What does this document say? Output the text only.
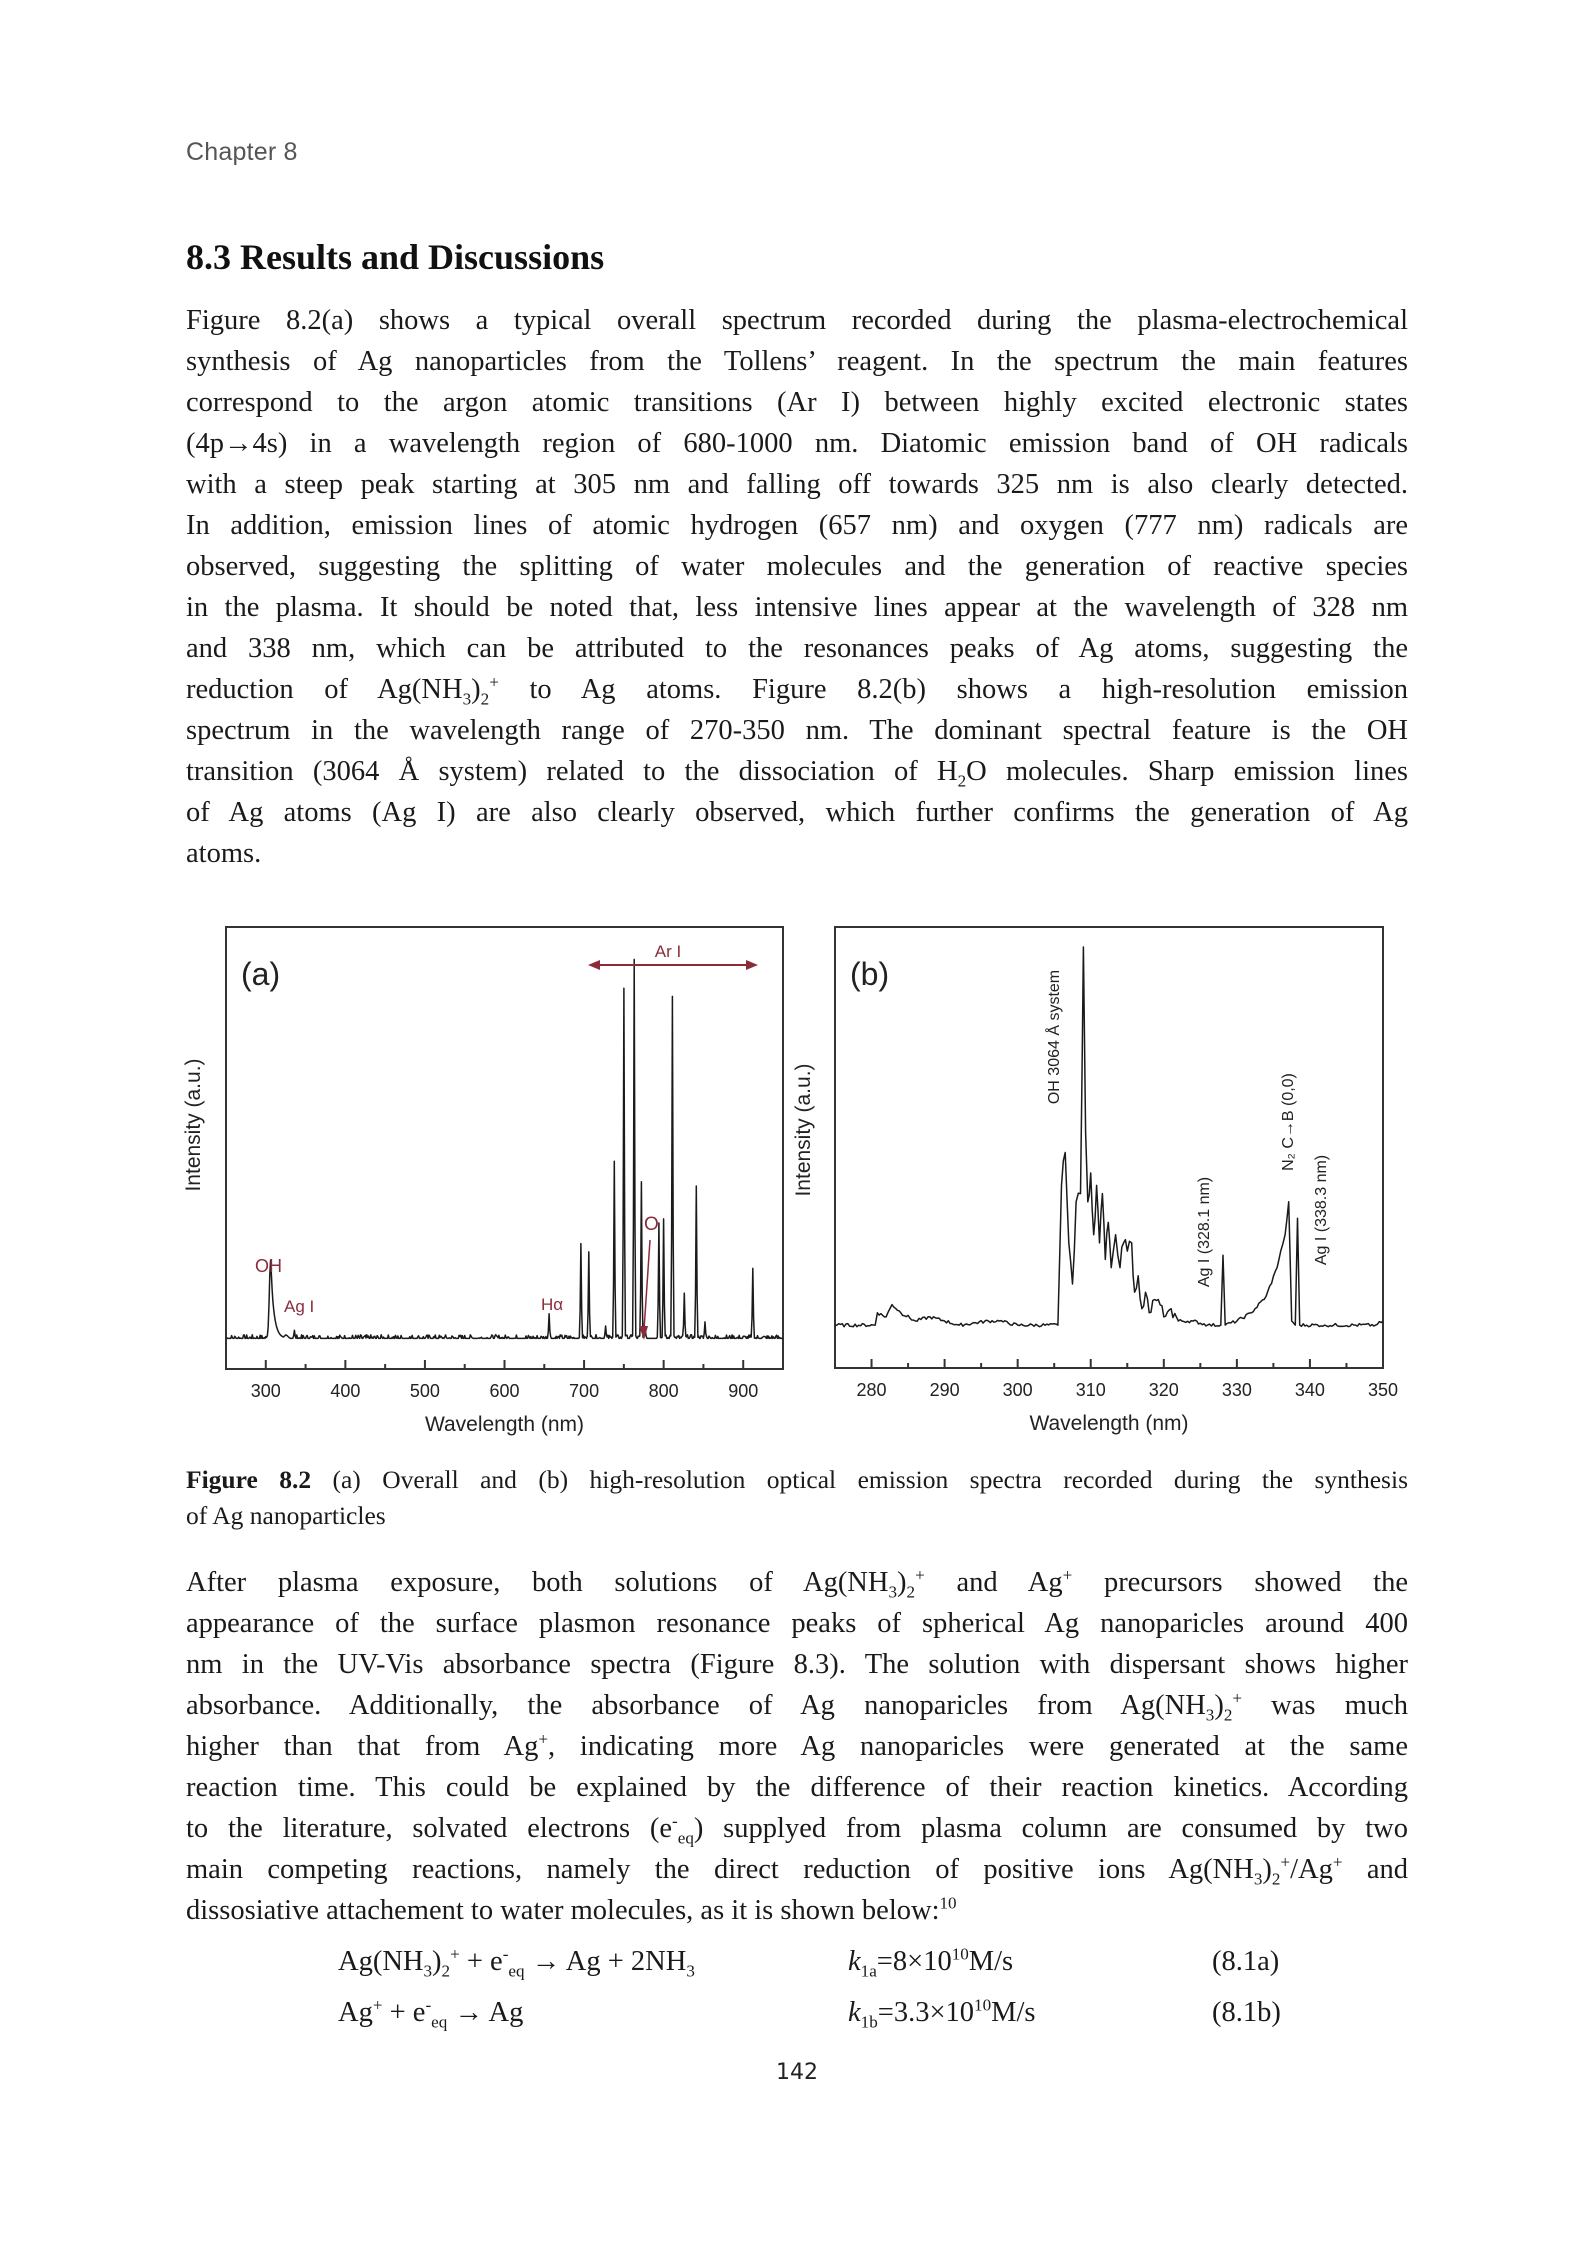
Chapter 8
8.3 Results and Discussions
Figure 8.2(a) shows a typical overall spectrum recorded during the plasma-electrochemical
synthesis of Ag nanoparticles from the Tollens’ reagent. In the spectrum the main features
correspond to the argon atomic transitions (Ar I) between highly excited electronic states
(4p→4s) in a wavelength region of 680-1000 nm. Diatomic emission band of OH radicals
with a steep peak starting at 305 nm and falling off towards 325 nm is also clearly detected.
In addition, emission lines of atomic hydrogen (657 nm) and oxygen (777 nm) radicals are
observed, suggesting the splitting of water molecules and the generation of reactive species
in the plasma. It should be noted that, less intensive lines appear at the wavelength of 328 nm
and 338 nm, which can be attributed to the resonances peaks of Ag atoms, suggesting the
reduction of $Ag(NH_3)_2^+$ to Ag atoms. Figure 8.2(b) shows a high-resolution emission
spectrum in the wavelength range of 270-350 nm. The dominant spectral feature is the OH
transition (3064 Å system) related to the dissociation of $H_2O$ molecules. Sharp emission lines
of Ag atoms (Ag I) are also clearly observed, which further confirms the generation of Ag
atoms.
300	400	500	600	700	800	900
Wavelength (nm)
Intensity (a.u.)
(a)
OH
Ag I	Hα
O
Ar I
280 290 300 310 320 330 340 350
Wavelength (nm)
Intensity (a.u.)
(b)	OH 3064 Å system
Ag I (328.1 nm)
N₂ C→B (0,0)
Ag I (338.3 nm)
Figure 8.2 (a) Overall and (b) high-resolution optical emission spectra recorded during the synthesis
of Ag nanoparticles
After plasma exposure, both solutions of $Ag(NH_3)_2^+$ and Ag+ precursors showed the
appearance of the surface plasmon resonance peaks of spherical Ag nanoparicles around 400
nm in the UV-Vis absorbance spectra (Figure 8.3). The solution with dispersant shows higher
absorbance. Additionally, the absorbance of Ag nanoparicles from $Ag(NH_3)_2^+$ was much
higher than that from Ag+, indicating more Ag nanoparicles were generated at the same
reaction time. This could be explained by the difference of their reaction kinetics. According
to the literature, solvated electrons $(e^-_{eq})$ supplyed from plasma column are consumed by two
main competing reactions, namely the direct reduction of positive ions $Ag(NH_3)_2^+/Ag^+$ and
dissosiative attachement to water molecules, as it is shown below:$^{10}$
$Ag(NH_3)_2^+ + e^-_{eq} \to Ag + 2NH_3$	$k_{1a}=8\times 10^{10}M/s$	(8.1a)
$Ag^+ + e^-_{eq} \to Ag$	$k_{1b}=3.3\times 10^{10}M/s$	(8.1b)
142
